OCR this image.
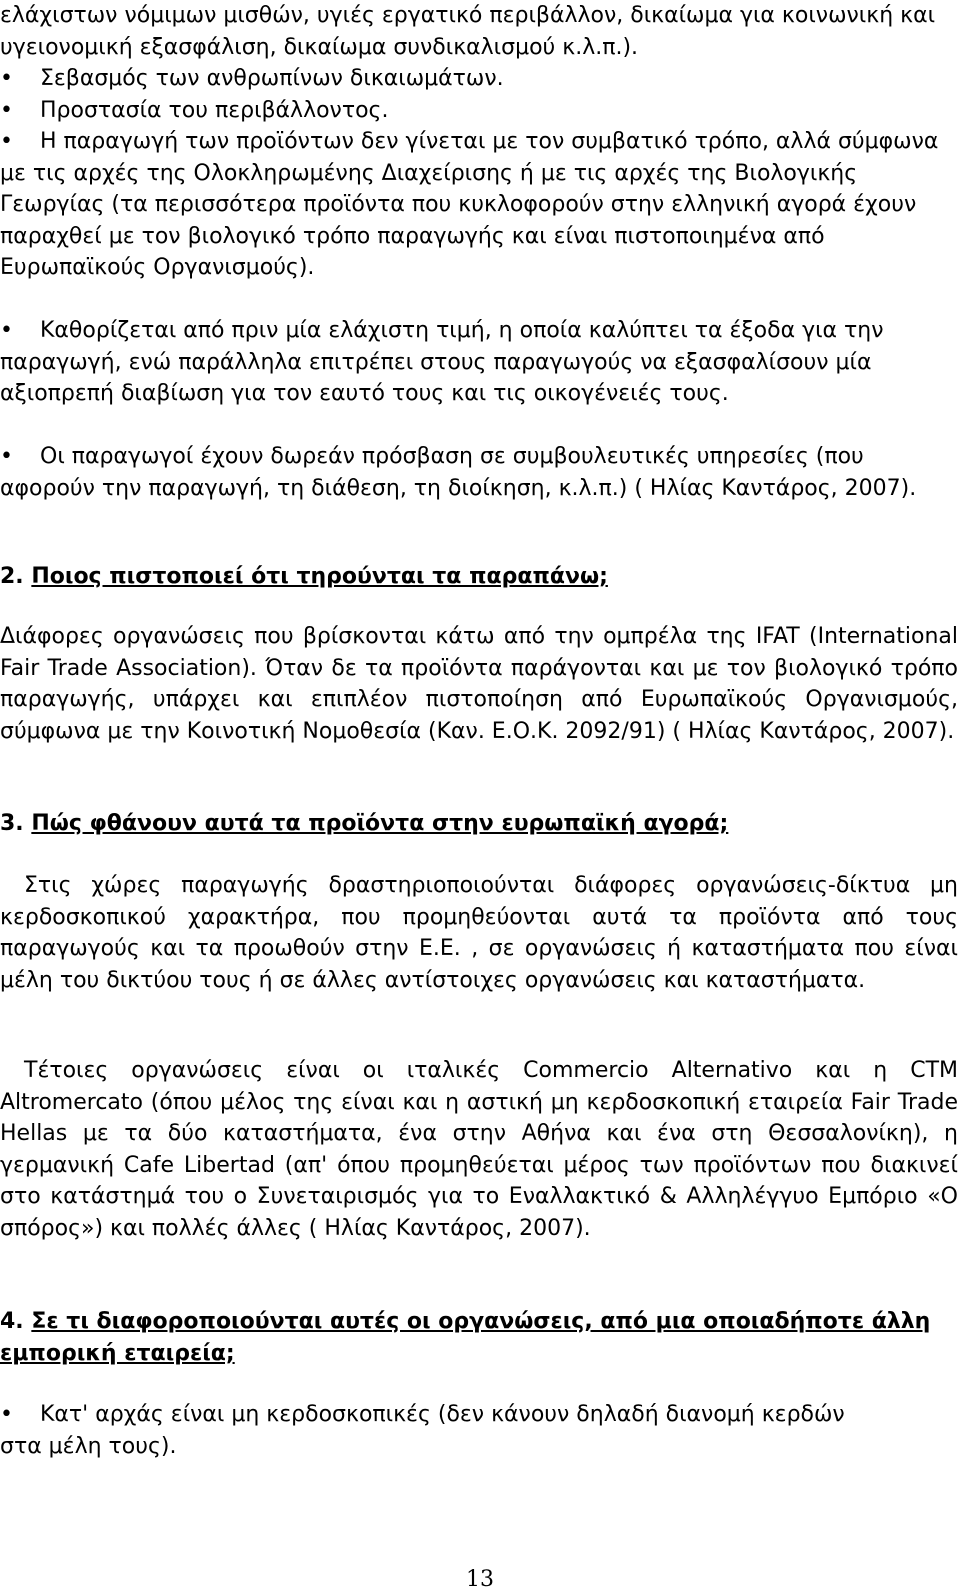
ελάχιστων νόμιμων μισθών, υγιές εργατικό περιβάλλον, δικαίωμα για κοινωνική και υγειονομική εξασφάλιση, δικαίωμα συνδικαλισμού κ.λ.π.).

• Σεβασμός των ανθρωπίνων δικαιωμάτων.

• Προστασία του περιβάλλοντος.

• Η παραγωγή των προϊόντων δεν γίνεται με τον συμβατικό τρόπο, αλλά σύμφωνα με τις αρχές της Ολοκληρωμένης Διαχείρισης ή με τις αρχές της Βιολογικής Γεωργίας (τα περισσότερα προϊόντα που κυκλοφορούν στην ελληνική αγορά έχουν παραχθεί με τον βιολογικό τρόπο παραγωγής και είναι πιστοποιημένα από Ευρωπαϊκούς Οργανισμούς).

• Καθορίζεται από πριν μία ελάχιστη τιμή, η οποία καλύπτει τα έξοδα για την παραγωγή, ενώ παράλληλα επιτρέπει στους παραγωγούς να εξασφαλίσουν μία αξιοπρεπή διαβίωση για τον εαυτό τους και τις οικογένειές τους.

• Οι παραγωγοί έχουν δωρεάν πρόσβαση σε συμβουλευτικές υπηρεσίες (που αφορούν την παραγωγή, τη διάθεση, τη διοίκηση, κ.λ.π.) ( Ηλίας Καντάρος, 2007).

2. Ποιος πιστοποιεί ότι τηρούνται τα παραπάνω;

Διάφορες οργανώσεις που βρίσκονται κάτω από την ομπρέλα της IFAT (International Fair Trade Association). Όταν δε τα προϊόντα παράγονται και με τον βιολογικό τρόπο παραγωγής, υπάρχει και επιπλέον πιστοποίηση από Ευρωπαϊκούς Οργανισμούς, σύμφωνα με την Κοινοτική Νομοθεσία (Καν. Ε.Ο.Κ. 2092/91) ( Ηλίας Καντάρος, 2007).

3. Πώς φθάνουν αυτά τα προϊόντα στην ευρωπαϊκή αγορά;

Στις χώρες παραγωγής δραστηριοποιούνται διάφορες οργανώσεις-δίκτυα μη κερδοσκοπικού χαρακτήρα, που προμηθεύονται αυτά τα προϊόντα από τους παραγωγούς και τα προωθούν στην Ε.Ε. , σε οργανώσεις ή καταστήματα που είναι μέλη του δικτύου τους ή σε άλλες αντίστοιχες οργανώσεις και καταστήματα.

Τέτοιες οργανώσεις είναι οι ιταλικές Commercio Alternativo και η CTM Altromercato (όπου μέλος της είναι και η αστική μη κερδοσκοπική εταιρεία Fair Trade Hellas με τα δύο καταστήματα, ένα στην Αθήνα και ένα στη Θεσσαλονίκη), η γερμανική Cafe Libertad (απ' όπου προμηθεύεται μέρος των προϊόντων που διακινεί στο κατάστημά του ο Συνεταιρισμός για το Εναλλακτικό & Αλληλέγγυο Εμπόριο «Ο σπόρος») και πολλές άλλες ( Ηλίας Καντάρος, 2007).

4. Σε τι διαφοροποιούνται αυτές οι οργανώσεις, από μια οποιαδήποτε άλλη εμπορική εταιρεία;

• Κατ' αρχάς είναι μη κερδοσκοπικές (δεν κάνουν δηλαδή διανομή κερδών στα μέλη τους).

13
